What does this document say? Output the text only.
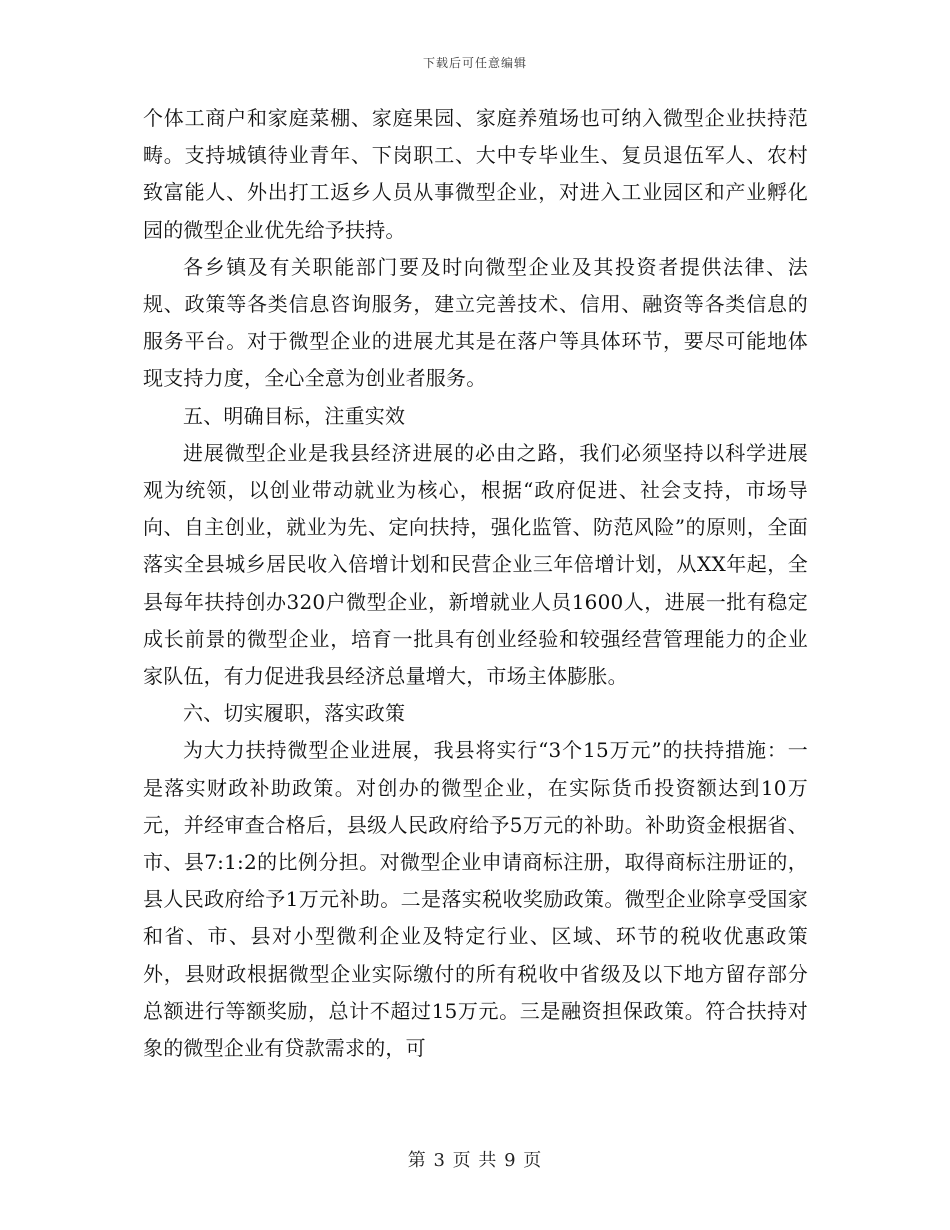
下载后可任意编辑

个体工商户和家庭菜棚、家庭果园、家庭养殖场也可纳入微型企业扶持范畴。支持城镇待业青年、下岗职工、大中专毕业生、复员退伍军人、农村致富能人、外出打工返乡人员从事微型企业，对进入工业园区和产业孵化园的微型企业优先给予扶持。

各乡镇及有关职能部门要及时向微型企业及其投资者提供法律、法规、政策等各类信息咨询服务，建立完善技术、信用、融资等各类信息的服务平台。对于微型企业的进展尤其是在落户等具体环节，要尽可能地体现支持力度，全心全意为创业者服务。

五、明确目标，注重实效

进展微型企业是我县经济进展的必由之路，我们必须坚持以科学进展观为统领，以创业带动就业为核心，根据“政府促进、社会支持，市场导向、自主创业，就业为先、定向扶持，强化监管、防范风险”的原则，全面落实全县城乡居民收入倍增计划和民营企业三年倍增计划，从XX年起，全县每年扶持创办320户微型企业，新增就业人员1600人，进展一批有稳定成长前景的微型企业，培育一批具有创业经验和较强经营管理能力的企业家队伍，有力促进我县经济总量增大，市场主体膨胀。

六、切实履职，落实政策

为大力扶持微型企业进展，我县将实行“3个15万元”的扶持措施：一是落实财政补助政策。对创办的微型企业，在实际货币投资额达到10万元，并经审查合格后，县级人民政府给予5万元的补助。补助资金根据省、市、县7:1:2的比例分担。对微型企业申请商标注册，取得商标注册证的，县人民政府给予1万元补助。二是落实税收奖励政策。微型企业除享受国家和省、市、县对小型微利企业及特定行业、区域、环节的税收优惠政策外，县财政根据微型企业实际缴付的所有税收中省级及以下地方留存部分总额进行等额奖励，总计不超过15万元。三是融资担保政策。符合扶持对象的微型企业有贷款需求的，可

第 3 页 共 9 页
